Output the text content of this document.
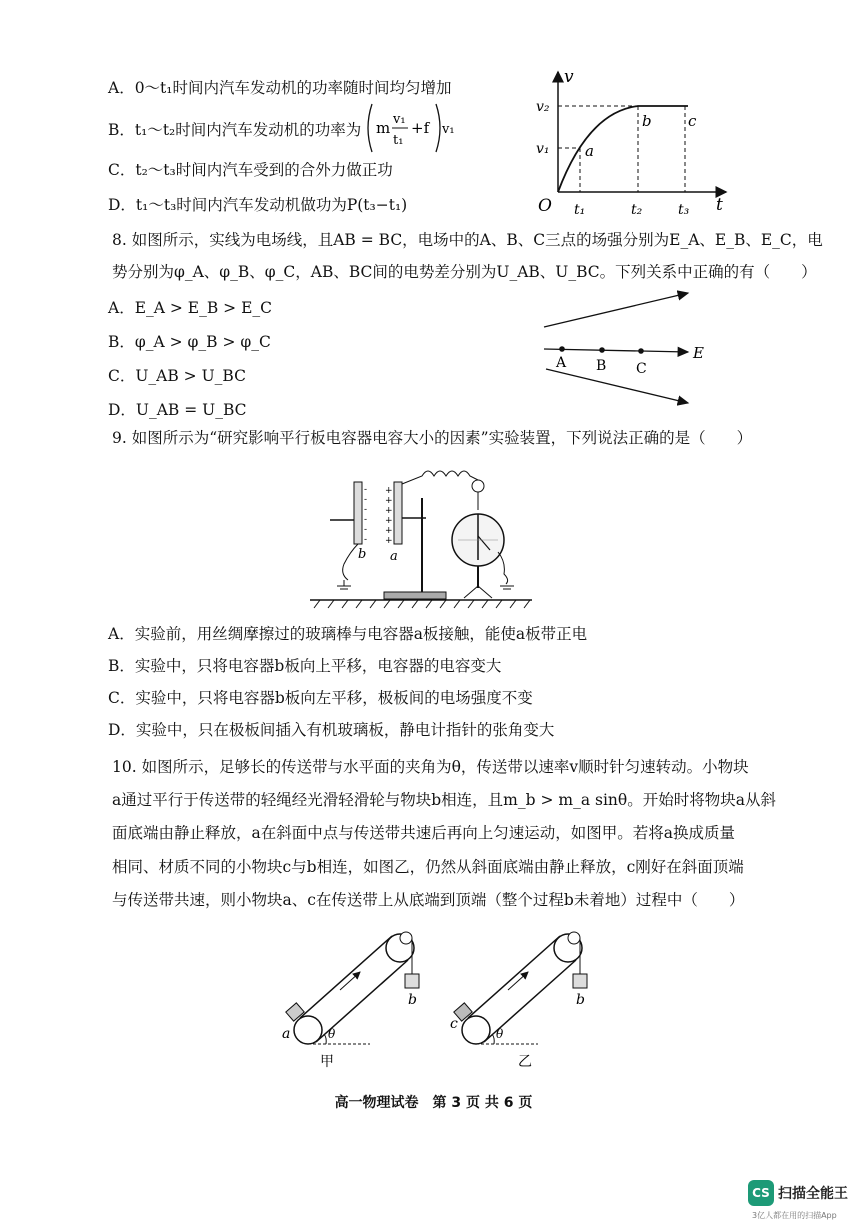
A．0～t₁时间内汽车发动机的功率随时间均匀增加
B．t₁～t₂时间内汽车发动机的功率为 m v₁
t₁
+f v₁
C．t₂～t₃时间内汽车受到的合外力做正功
D．t₁～t₃时间内汽车发动机做功为P(t₃−t₁)
v
v₂
v₁ a
b c
O t₁	t₂	t₃ t
8. 如图所示，实线为电场线，且AB = BC，电场中的A、B、C三点的场强分别为E_A、E_B、E_C，电
势分别为φ_A、φ_B、φ_C，AB、BC间的电势差分别为U_AB、U_BC。下列关系中正确的有（　　）
A．E_A > E_B > E_C
B．φ_A > φ_B > φ_C
C．U_AB > U_BC
D．U_AB = U_BC
A B C
E
9. 如图所示为“研究影响平行板电容器电容大小的因素”实验装置，下列说法正确的是（　　）
-
-
-
-
-
-
+
+
+
+
+
+
b a
A．实验前，用丝绸摩擦过的玻璃棒与电容器a板接触，能使a板带正电
B．实验中，只将电容器b板向上平移，电容器的电容变大
C．实验中，只将电容器b板向左平移，极板间的电场强度不变
D．实验中，只在极板间插入有机玻璃板，静电计指针的张角变大
10. 如图所示，足够长的传送带与水平面的夹角为θ，传送带以速率v顺时针匀速转动。小物块
a通过平行于传送带的轻绳经光滑轻滑轮与物块b相连，且m_b > m_a sinθ。开始时将物块a从斜
面底端由静止释放，a在斜面中点与传送带共速后再向上匀速运动，如图甲。若将a换成质量
相同、材质不同的小物块c与b相连，如图乙，仍然从斜面底端由静止释放，c刚好在斜面顶端
与传送带共速，则小物块a、c在传送带上从底端到顶端（整个过程b未着地）过程中（　　）
a
b
θ
甲
c
b
θ
乙
高一物理试卷　第 3 页 共 6 页
CS 扫描全能王
3亿人都在用的扫描App
